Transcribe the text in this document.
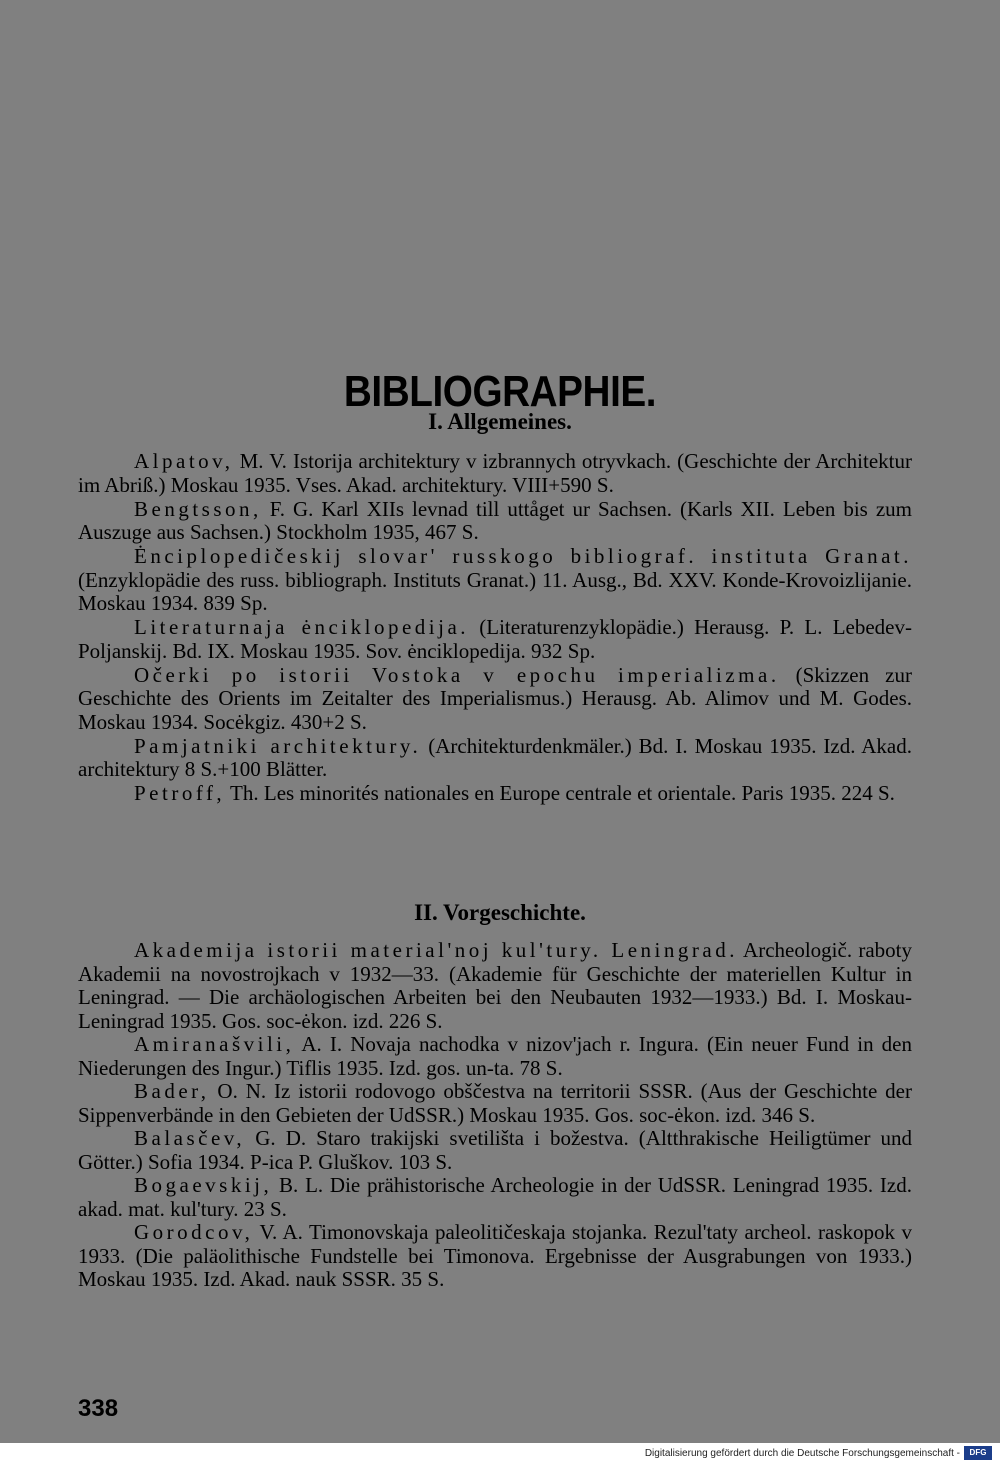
BIBLIOGRAPHIE.
I. Allgemeines.

Alpatov, M. V. Istorija architektury v izbrannych otryvkach. (Geschichte der Architektur im Abriß.) Moskau 1935. Vses. Akad. architektury. VIII+590 S.

Bengtsson, F. G. Karl XIIs levnad till uttåget ur Sachsen. (Karls XII. Leben bis zum Auszuge aus Sachsen.) Stockholm 1935, 467 S.

Ėnciplopedičeskij slovar' russkogo bibliograf. instituta Granat. (Enzyklopädie des russ. bibliograph. Instituts Granat.) 11. Ausg., Bd. XXV. Konde-Krovoizlijanie. Moskau 1934. 839 Sp.

Literaturnaja ėnciklopedija. (Literaturenzyklopädie.) Herausg. P. L. Lebedev-Poljanskij. Bd. IX. Moskau 1935. Sov. ėnciklopedija. 932 Sp.

Očerki po istorii Vostoka v epochu imperializma. (Skizzen zur Geschichte des Orients im Zeitalter des Imperialismus.) Herausg. Ab. Alimov und M. Godes. Moskau 1934. Socėkgiz. 430+2 S.

Pamjatniki architektury. (Architekturdenkmäler.) Bd. I. Moskau 1935. Izd. Akad. architektury 8 S.+100 Blätter.

Petroff, Th. Les minorités nationales en Europe centrale et orientale. Paris 1935. 224 S.

II. Vorgeschichte.

Akademija istorii material'noj kul'tury. Leningrad. Archeologič. raboty Akademii na novostrojkach v 1932—33. (Akademie für Geschichte der materiellen Kultur in Leningrad. — Die archäologischen Arbeiten bei den Neubauten 1932—1933.) Bd. I. Moskau-Leningrad 1935. Gos. soc-ėkon. izd. 226 S.

Amiranašvili, A. I. Novaja nachodka v nizov'jach r. Ingura. (Ein neuer Fund in den Niederungen des Ingur.) Tiflis 1935. Izd. gos. un-ta. 78 S.

Bader, O. N. Iz istorii rodovogo obščestva na territorii SSSR. (Aus der Geschichte der Sippenverbände in den Gebieten der UdSSR.) Moskau 1935. Gos. soc-ėkon. izd. 346 S.

Balasčev, G. D. Staro trakijski svetilišta i božestva. (Altthrakische Heiligtümer und Götter.) Sofia 1934. P-ica P. Gluškov. 103 S.

Bogaevskij, B. L. Die prähistorische Archeologie in der UdSSR. Leningrad 1935. Izd. akad. mat. kul'tury. 23 S.

Gorodcov, V. A. Timonovskaja paleolitičeskaja stojanka. Rezul'taty archeol. raskopok v 1933. (Die paläolithische Fundstelle bei Timonova. Ergebnisse der Ausgrabungen von 1933.) Moskau 1935. Izd. Akad. nauk SSSR. 35 S.

338
Digitalisierung gefördert durch die Deutsche Forschungsgemeinschaft -	DFG
